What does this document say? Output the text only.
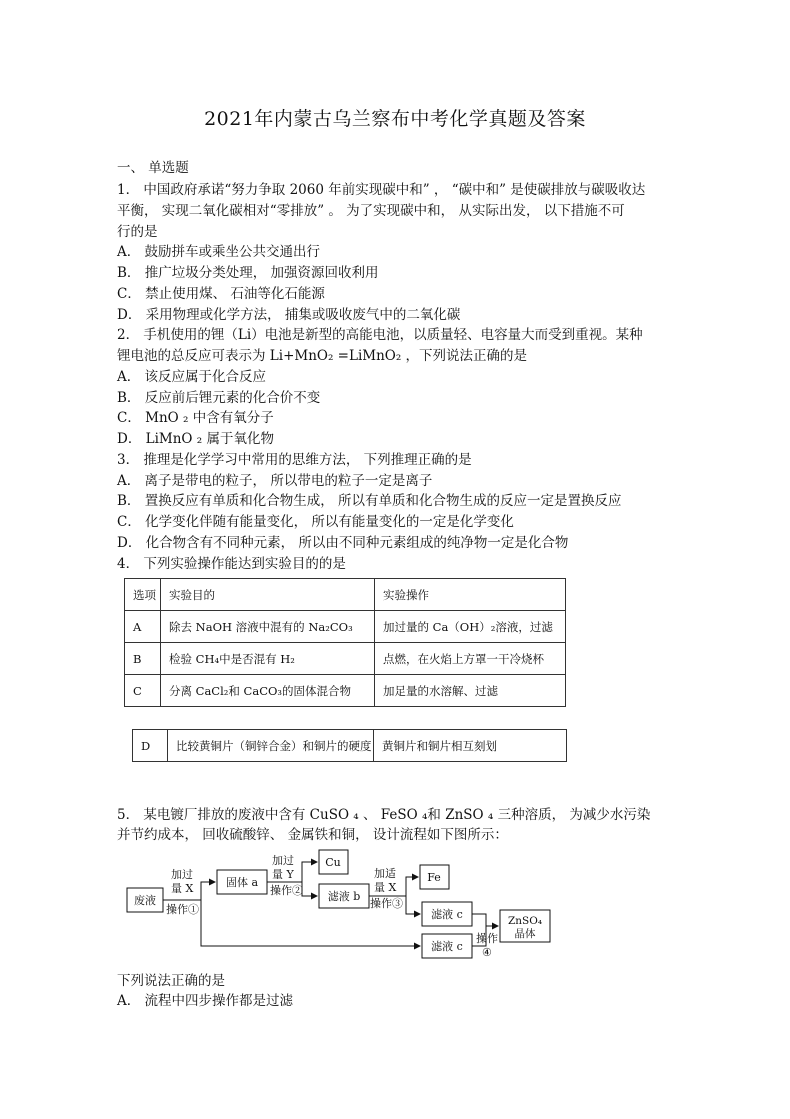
2021年内蒙古乌兰察布中考化学真题及答案
一、 单选题
1． 中国政府承诺“努力争取 2060 年前实现碳中和” ， “碳中和” 是使碳排放与碳吸收达
平衡， 实现二氧化碳相对“零排放” 。 为了实现碳中和， 从实际出发， 以下措施不可
行的是
A． 鼓励拼车或乘坐公共交通出行
B． 推广垃圾分类处理， 加强资源回收利用
C． 禁止使用煤、 石油等化石能源
D． 采用物理或化学方法， 捕集或吸收废气中的二氧化碳
2． 手机使用的锂（Li）电池是新型的高能电池，以质量轻、电容量大而受到重视。某种
锂电池的总反应可表示为 Li+MnO₂ =LiMnO₂ ，下列说法正确的是
A． 该反应属于化合反应
B． 反应前后锂元素的化合价不变
C． MnO ₂ 中含有氧分子
D． LiMnO ₂ 属于氧化物
3． 推理是化学学习中常用的思维方法， 下列推理正确的是
A． 离子是带电的粒子， 所以带电的粒子一定是离子
B． 置换反应有单质和化合物生成， 所以有单质和化合物生成的反应一定是置换反应
C． 化学变化伴随有能量变化， 所以有能量变化的一定是化学变化
D． 化合物含有不同种元素， 所以由不同种元素组成的纯净物一定是化合物
4． 下列实验操作能达到实验目的的是
选项	实验目的	实验操作
A	除去 NaOH 溶液中混有的 Na₂CO₃	加过量的 Ca（OH）₂溶液，过滤
B	检验 CH₄中是否混有 H₂	点燃，在火焰上方罩一干冷烧杯
C	分离 CaCl₂和 CaCO₃的固体混合物	加足量的水溶解、过滤
D	比较黄铜片（铜锌合金）和铜片的硬度	黄铜片和铜片相互刻划
5． 某电镀厂排放的废液中含有 CuSO ₄ 、 FeSO ₄和 ZnSO ₄ 三种溶质， 为减少水污染
并节约成本， 回收硫酸锌、 金属铁和铜， 设计流程如下图所示：
废液
加过
量 X
操作①
固体 a
加过
量 Y
操作②
Cu
滤液 b
加适
量 X
操作③
Fe
滤液 c
滤液 c
操作
④
ZnSO₄
晶体
下列说法正确的是
A． 流程中四步操作都是过滤
